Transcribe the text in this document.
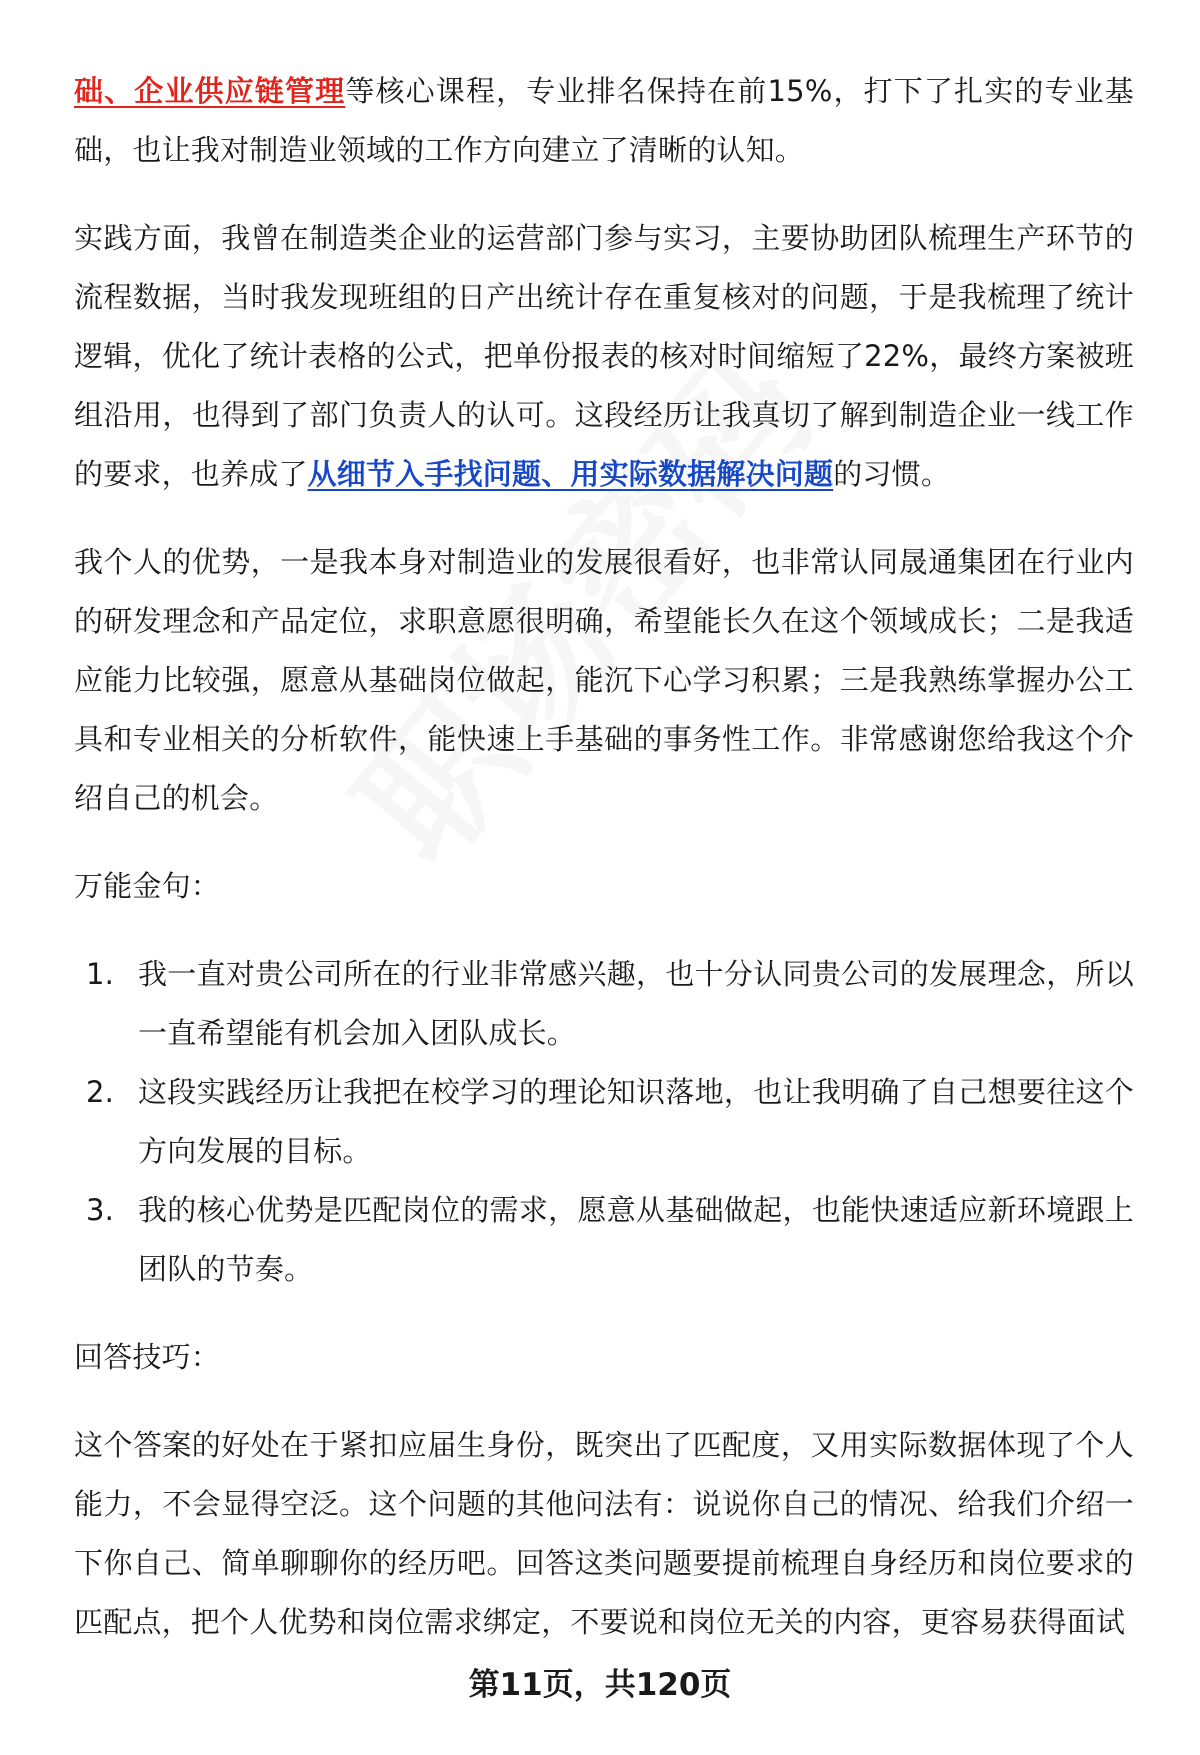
础、企业供应链管理等核心课程，专业排名保持在前15%，打下了扎实的专业基础，也让我对制造业领域的工作方向建立了清晰的认知。

实践方面，我曾在制造类企业的运营部门参与实习，主要协助团队梳理生产环节的流程数据，当时我发现班组的日产出统计存在重复核对的问题，于是我梳理了统计逻辑，优化了统计表格的公式，把单份报表的核对时间缩短了22%，最终方案被班组沿用，也得到了部门负责人的认可。这段经历让我真切了解到制造企业一线工作的要求，也养成了从细节入手找问题、用实际数据解决问题的习惯。

我个人的优势，一是我本身对制造业的发展很看好，也非常认同晟通集团在行业内的研发理念和产品定位，求职意愿很明确，希望能长久在这个领域成长；二是我适应能力比较强，愿意从基础岗位做起，能沉下心学习积累；三是我熟练掌握办公工具和专业相关的分析软件，能快速上手基础的事务性工作。非常感谢您给我这个介绍自己的机会。

万能金句：

1. 我一直对贵公司所在的行业非常感兴趣，也十分认同贵公司的发展理念，所以一直希望能有机会加入团队成长。
2. 这段实践经历让我把在校学习的理论知识落地，也让我明确了自己想要往这个方向发展的目标。
3. 我的核心优势是匹配岗位的需求，愿意从基础做起，也能快速适应新环境跟上团队的节奏。

回答技巧：

这个答案的好处在于紧扣应届生身份，既突出了匹配度，又用实际数据体现了个人能力，不会显得空泛。这个问题的其他问法有：说说你自己的情况、给我们介绍一下你自己、简单聊聊你的经历吧。回答这类问题要提前梳理自身经历和岗位要求的匹配点，把个人优势和岗位需求绑定，不要说和岗位无关的内容，更容易获得面试

第11页，共120页
